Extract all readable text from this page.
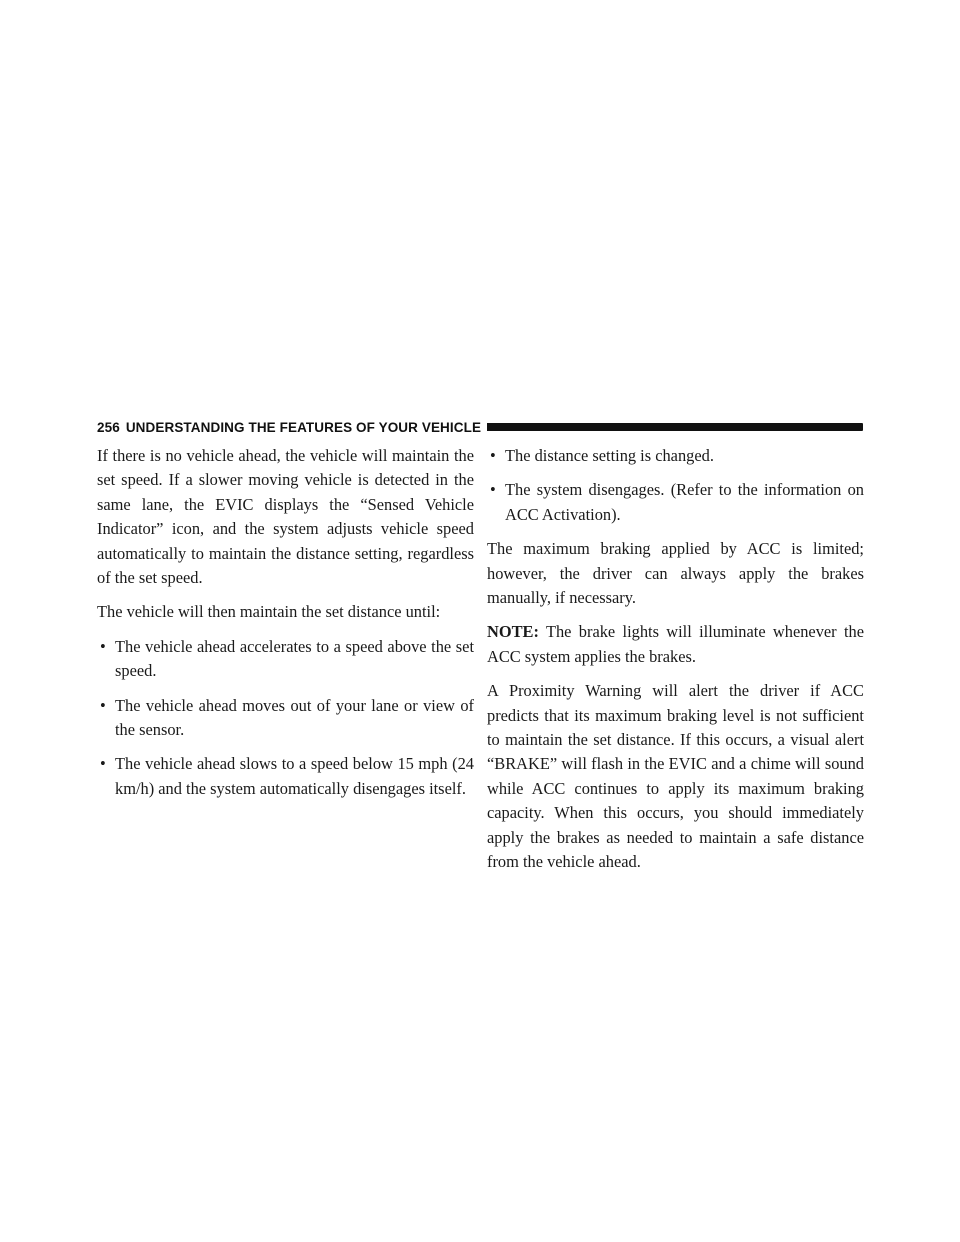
256 UNDERSTANDING THE FEATURES OF YOUR VEHICLE

If there is no vehicle ahead, the vehicle will maintain the set speed. If a slower moving vehicle is detected in the same lane, the EVIC displays the “Sensed Vehicle Indicator” icon, and the system adjusts vehicle speed automatically to maintain the distance setting, regardless of the set speed.

The vehicle will then maintain the set distance until:

• The vehicle ahead accelerates to a speed above the set speed.
• The vehicle ahead moves out of your lane or view of the sensor.
• The vehicle ahead slows to a speed below 15 mph (24 km/h) and the system automatically disengages itself.
• The distance setting is changed.
• The system disengages. (Refer to the information on ACC Activation).

The maximum braking applied by ACC is limited; however, the driver can always apply the brakes manually, if necessary.

NOTE: The brake lights will illuminate whenever the ACC system applies the brakes.

A Proximity Warning will alert the driver if ACC predicts that its maximum braking level is not sufficient to maintain the set distance. If this occurs, a visual alert “BRAKE” will flash in the EVIC and a chime will sound while ACC continues to apply its maximum braking capacity. When this occurs, you should immediately apply the brakes as needed to maintain a safe distance from the vehicle ahead.
